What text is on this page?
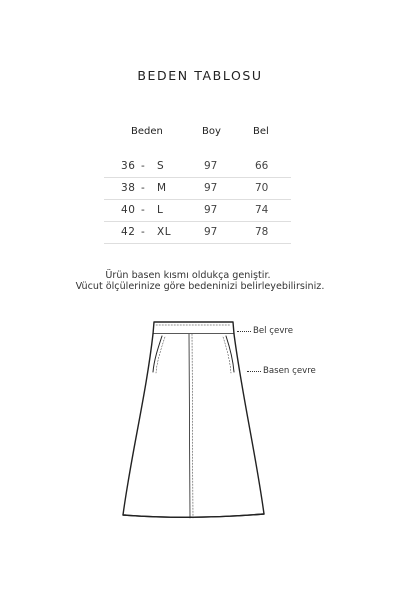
BEDEN TABLOSU
Beden	Boy	Bel
36 - S	97	66
38 - M	97	70
40 - L	97	74
42 - XL	97	78
Ürün basen kısmı oldukça geniştir.
Vücut ölçülerinize göre bedeninizi belirleyebilirsiniz.
Bel çevre
Basen çevre
